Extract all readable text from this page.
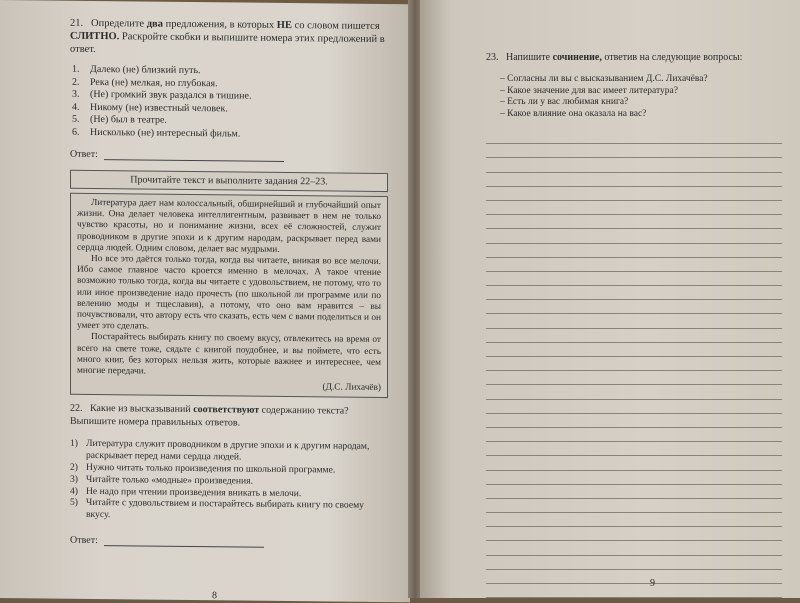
21. Определите два предложения, в которых НЕ со словом пишется СЛИТНО. Раскройте скобки и выпишите номера этих предложений в ответ.

1. Далеко (не) близкий путь.
2. Река (не) мелкая, но глубокая.
3. (Не) громкий звук раздался в тишине.
4. Никому (не) известный человек.
5. (Не) был в театре.
6. Нисколько (не) интересный фильм.
Ответ:
Прочитайте текст и выполните задания 22–23.

Литература дает нам колоссальный, обширнейший и глубочайший опыт жизни. Она делает человека интеллигентным, развивает в нем не только чувство красоты, но и понимание жизни, всех её сложностей, служит проводником в другие эпохи и к другим народам, раскрывает перед вами сердца людей. Одним словом, делает вас мудрыми.

Но все это даётся только тогда, когда вы читаете, вникая во все мелочи. Ибо самое главное часто кроется именно в мелочах. А такое чтение возможно только тогда, когда вы читаете с удовольствием, не потому, что то или иное произведение надо прочесть (по школьной ли программе или по велению моды и тщеславия), а потому, что оно вам нравится – вы почувствовали, что автору есть что сказать, есть чем с вами поделиться и он умеет это сделать.

Постарайтесь выбирать книгу по своему вкусу, отвлекитесь на время от всего на свете тоже, сядьте с книгой поудобнее, и вы поймете, что есть много книг, без которых нельзя жить, которые важнее и интереснее, чем многие передачи.

(Д.С. Лихачёв)

22. Какие из высказываний соответствуют содержанию текста? Выпишите номера правильных ответов.

1) Литература служит проводником в другие эпохи и к другим народам, раскрывает перед нами сердца людей.
2) Нужно читать только произведения по школьной программе.
3) Читайте только «модные» произведения.
4) Не надо при чтении произведения вникать в мелочи.
5) Читайте с удовольствием и постарайтесь выбирать книгу по своему вкусу.
Ответ:
8

23. Напишите сочинение, ответив на следующие вопросы:

– Согласны ли вы с высказыванием Д.С. Лихачёва?
– Какое значение для вас имеет литература?
– Есть ли у вас любимая книга?
– Какое влияние она оказала на вас?
9
